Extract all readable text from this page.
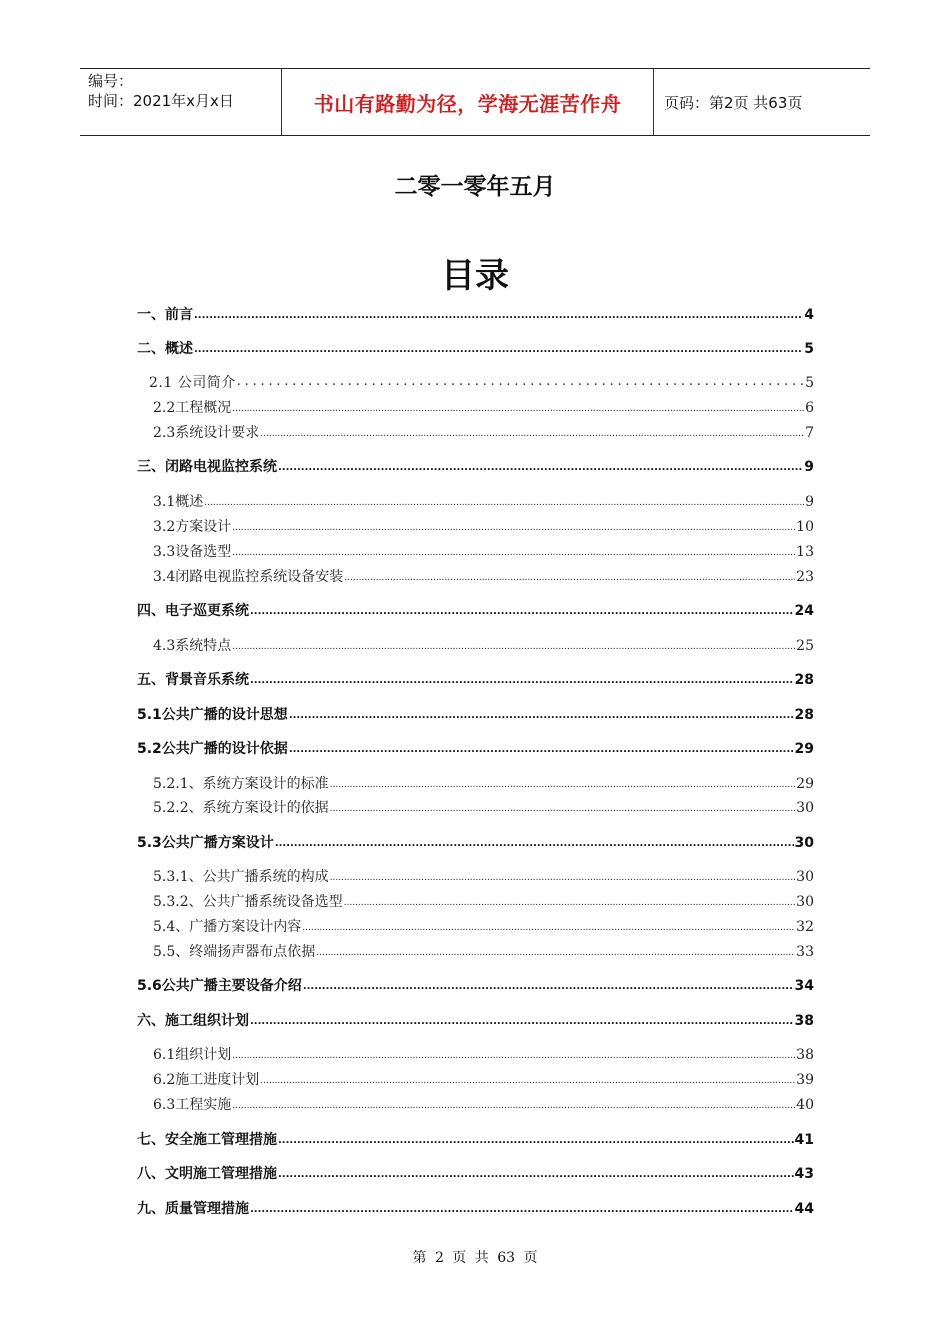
编号：
时间：2021年x月x日	书山有路勤为径，学海无涯苦作舟	页码：第2页 共63页
二零一零年五月
目录
一、前言 .....	4
二、概述 .....	5
2.1 公司简介 .....	5
2.2工程概况 .....	6
2.3系统设计要求 .....	7
三、闭路电视监控系统 .....	9
3.1概述 .....	9
3.2方案设计 .....	10
3.3设备选型 .....	13
3.4闭路电视监控系统设备安装 .....	23
四、电子巡更系统 .....	24
4.3系统特点 .....	25
五、背景音乐系统 .....	28
5.1公共广播的设计思想 .....	28
5.2公共广播的设计依据 .....	29
5.2.1、系统方案设计的标准 .....	29
5.2.2、系统方案设计的依据 .....	30
5.3公共广播方案设计 .....	30
5.3.1、公共广播系统的构成 .....	30
5.3.2、公共广播系统设备选型 .....	30
5.4、广播方案设计内容 .....	32
5.5、终端扬声器布点依据 .....	33
5.6公共广播主要设备介绍 .....	34
六、施工组织计划 .....	38
6.1组织计划 .....	38
6.2施工进度计划 .....	39
6.3工程实施 .....	40
七、安全施工管理措施 .....	41
八、文明施工管理措施 .....	43
九、质量管理措施 .....	44
第 2 页 共 63 页
